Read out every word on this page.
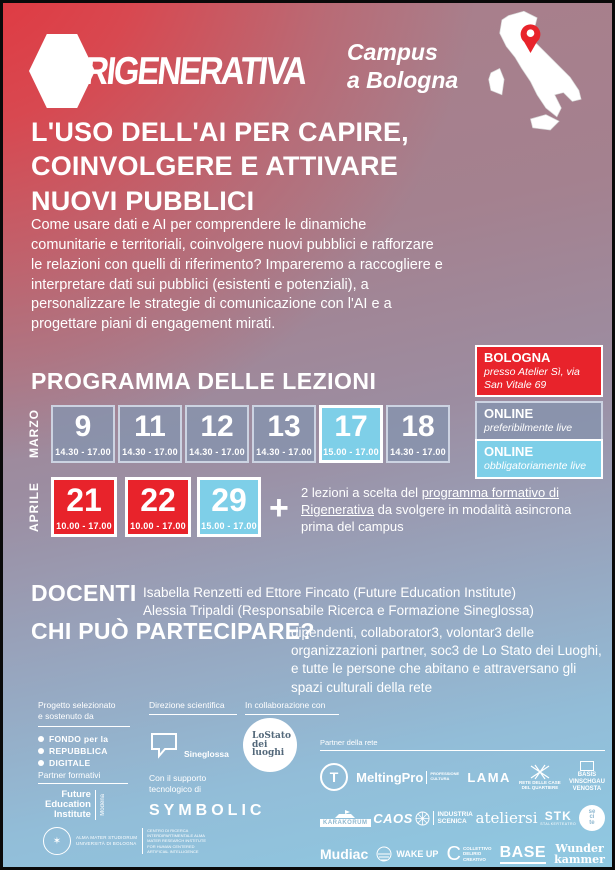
RIGENERATIVA Campus
a Bologna
L'USO DELL'AI PER CAPIRE,
COINVOLGERE E ATTIVARE
NUOVI PUBBLICI
Come usare dati e AI per comprendere le dinamiche comunitarie e territoriali, coinvolgere nuovi pubblici e rafforzare le relazioni con quelli di riferimento? Impareremo a raccogliere e interpretare dati sui pubblici (esistenti e potenziali), a personalizzare le strategie di comunicazione con l'AI e a progettare piani di engagement mirati.
PROGRAMMA DELLE LEZIONI
BOLOGNA
presso Atelier Sì, via San Vitale 69
ONLINE
preferibilmente live
ONLINE
obbligatoriamente live
MARZO 9
14.30 - 17.00
11
14.30 - 17.00
12
14.30 - 17.00
13
14.30 - 17.00
17
15.00 - 17.00
18
14.30 - 17.00
APRILE 21
10.00 - 17.00
22
10.00 - 17.00
29
15.00 - 17.00 + 2 lezioni a scelta del programma formativo di Rigenerativa da svolgere in modalità asincrona prima del campus
DOCENTI Isabella Renzetti ed Ettore Fincato (Future Education Institute)
Alessia Tripaldi (Responsabile Ricerca e Formazione Sineglossa)
CHI PUÒ PARTECIPARE?
dipendenti, collaborator3, volontar3 delle organizzazioni partner, soc3 de Lo Stato dei Luoghi, e tutte le persone che abitano e attraversano gli spazi culturali della rete
Progetto selezionato
e sostenuto da
Direzione scientifica In collaborazione con
FONDO per la
REPUBBLICA
DIGITALE
Sineglossa
LoStato
dei
luoghi
Partner formativi
Future
Education
Institute Modena
Con il supporto
tecnologico di
SYMBOLIC
✶	ALMA MATER STUDIORUM
UNIVERSITÀ DI BOLOGNA
CENTRO DI RICERCA INTERDIPARTIMENTALE ALMA MATER RESEARCH INSTITUTE FOR HUMAN CENTERED ARTIFICIAL INTELLIGENCE
Partner della rete
T	MeltingPro PROFESSIONE
CULTURA	LAMA RETE DELLE CASE
DEL QUARTIERE
BASIS
VINSCHGAU
VENOSTA
KARAKORUM CAOS	INDUSTRIA
SCENICA ateliersi STK
STALKERTEATRO
se
ci
te
Mudiac	WAKE UP C COLLETTIVO
DELIRIO
CREATIVO BASE Wunder
kammer
